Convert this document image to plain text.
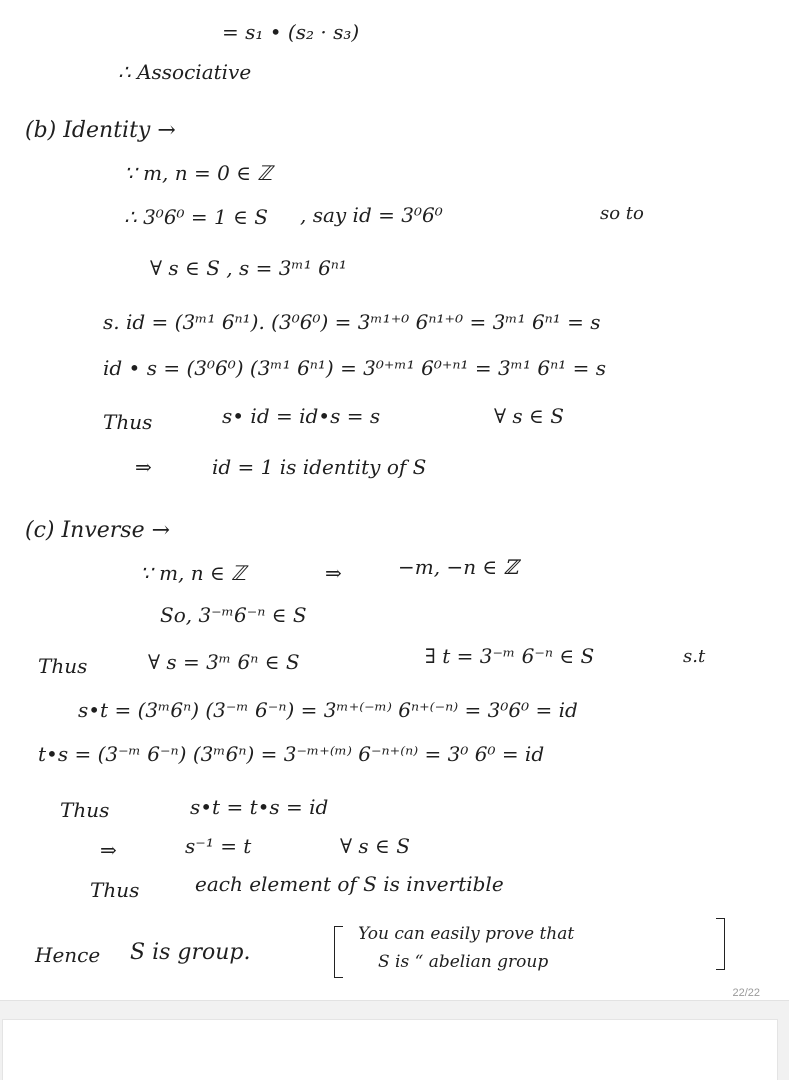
= s₁ • (s₂ · s₃)
∴ Associative
(b) Identity →
∵ m, n = 0 ∈ ℤ
∴ 3⁰6⁰ = 1 ∈ S , say id = 3⁰6⁰	so to
∀ s ∈ S , s = 3ᵐ¹ 6ⁿ¹
s. id = (3ᵐ¹ 6ⁿ¹). (3⁰6⁰) = 3ᵐ¹⁺⁰ 6ⁿ¹⁺⁰ = 3ᵐ¹ 6ⁿ¹ = s
id • s = (3⁰6⁰) (3ᵐ¹ 6ⁿ¹) = 3⁰⁺ᵐ¹ 6⁰⁺ⁿ¹ = 3ᵐ¹ 6ⁿ¹ = s
Thus	s• id = id•s = s	∀ s ∈ S
⇒	id = 1 is identity of S
(c) Inverse →
∵ m, n ∈ ℤ	⇒	−m, −n ∈ ℤ
So, 3⁻ᵐ6⁻ⁿ ∈ S
Thus	∀ s = 3ᵐ 6ⁿ ∈ S	∃ t = 3⁻ᵐ 6⁻ⁿ ∈ S	s.t
s•t = (3ᵐ6ⁿ) (3⁻ᵐ 6⁻ⁿ) = 3ᵐ⁺⁽⁻ᵐ⁾ 6ⁿ⁺⁽⁻ⁿ⁾ = 3⁰6⁰ = id
t•s = (3⁻ᵐ 6⁻ⁿ) (3ᵐ6ⁿ) = 3⁻ᵐ⁺⁽ᵐ⁾ 6⁻ⁿ⁺⁽ⁿ⁾ = 3⁰ 6⁰ = id
Thus	s•t = t•s = id
⇒	s⁻¹ = t	∀ s ∈ S
Thus	each element of S is invertible
Hence S is group.
You can easily prove that
S is “ abelian group
22/22
